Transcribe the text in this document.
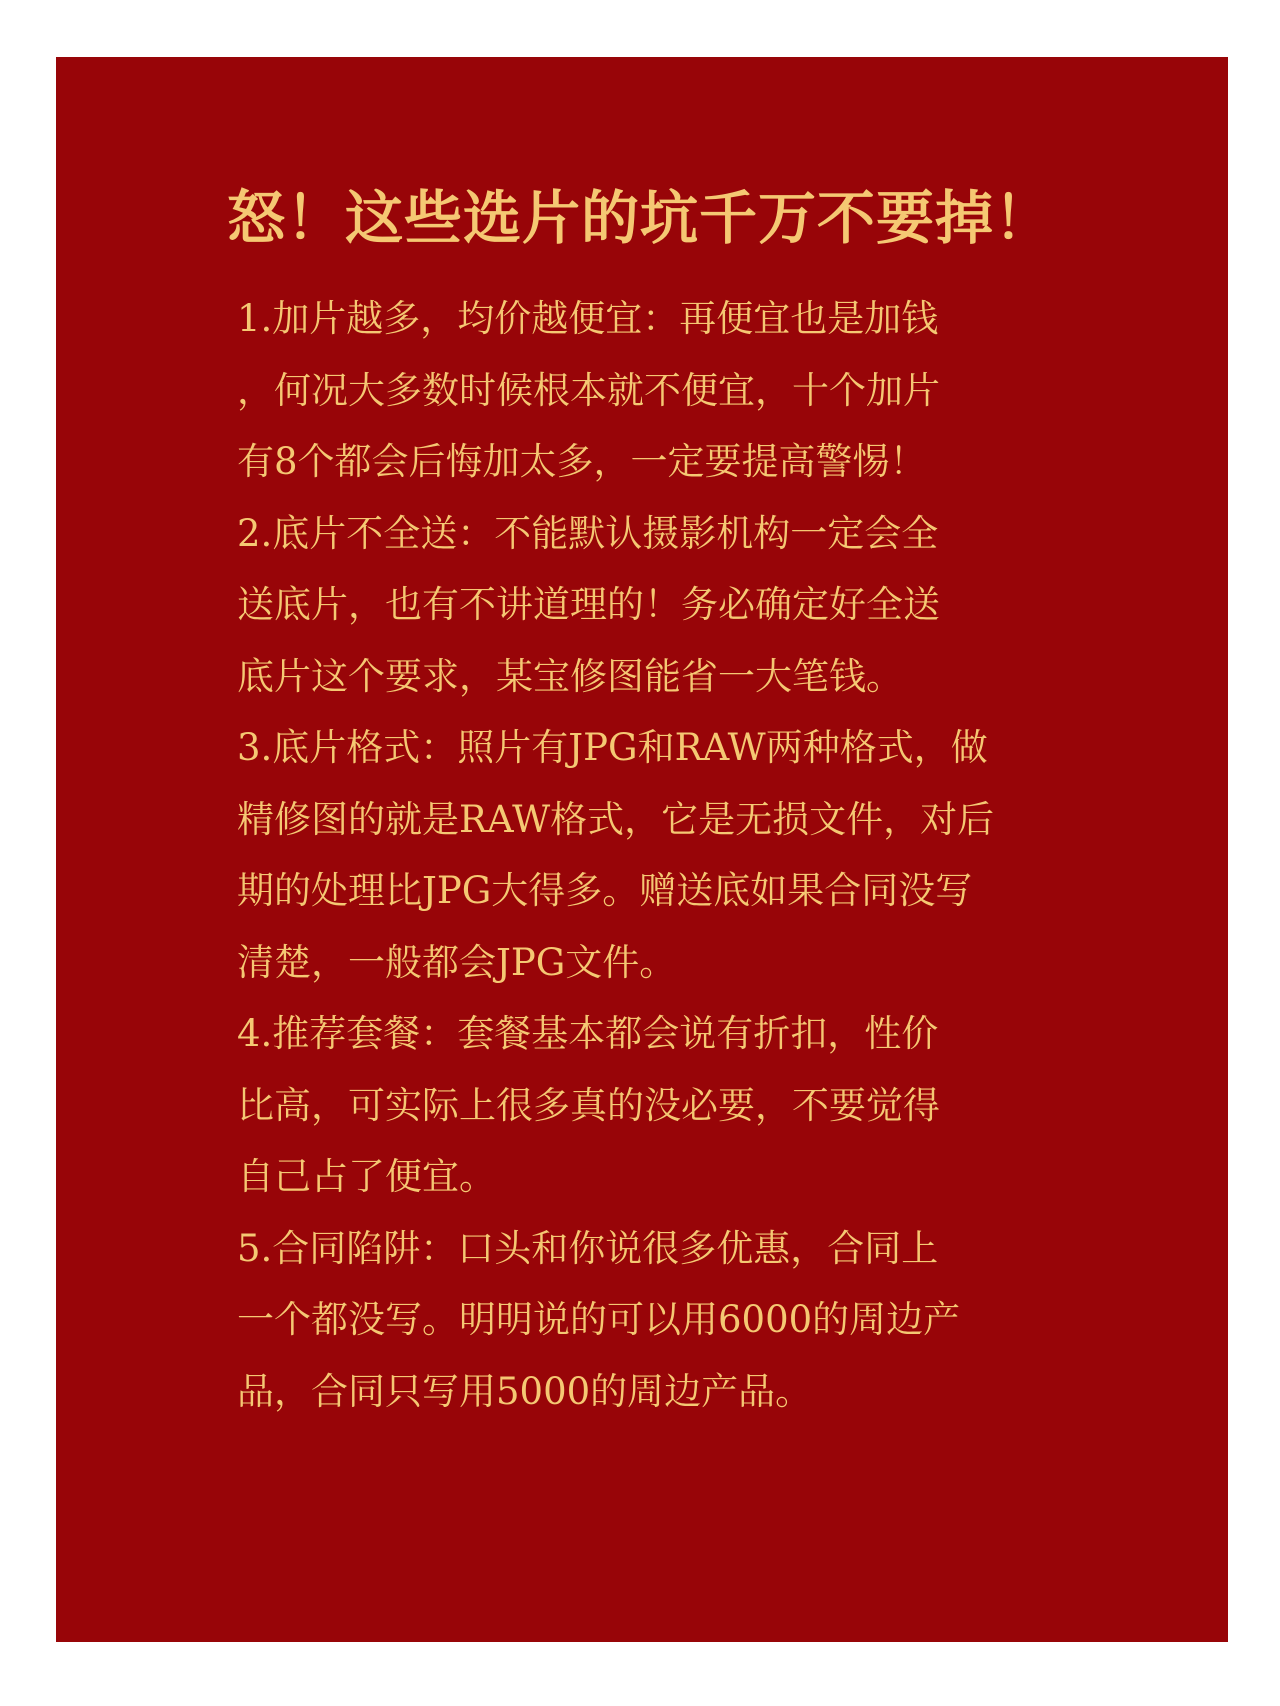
怒！这些选片的坑千万不要掉！
1.加片越多，均价越便宜：再便宜也是加钱
，何况大多数时候根本就不便宜，十个加片
有8个都会后悔加太多，一定要提高警惕！
2.底片不全送：不能默认摄影机构一定会全
送底片，也有不讲道理的！务必确定好全送
底片这个要求，某宝修图能省一大笔钱。
3.底片格式：照片有JPG和RAW两种格式，做
精修图的就是RAW格式，它是无损文件，对后
期的处理比JPG大得多。赠送底如果合同没写
清楚，一般都会JPG文件。
4.推荐套餐：套餐基本都会说有折扣，性价
比高，可实际上很多真的没必要，不要觉得
自己占了便宜。
5.合同陷阱：口头和你说很多优惠，合同上
一个都没写。明明说的可以用6000的周边产
品，合同只写用5000的周边产品。
